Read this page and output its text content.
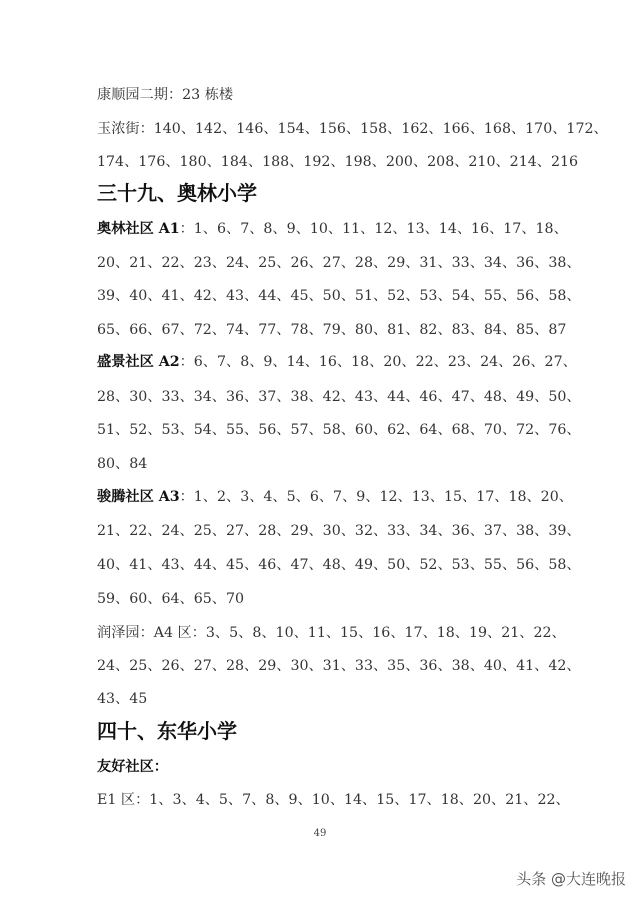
康顺园二期：23 栋楼
玉浓街：140、142、146、154、156、158、162、166、168、170、172、
174、176、180、184、188、192、198、200、208、210、214、216
三十九、奥林小学
奥林社区 A1：1、6、7、8、9、10、11、12、13、14、16、17、18、
20、21、22、23、24、25、26、27、28、29、31、33、34、36、38、
39、40、41、42、43、44、45、50、51、52、53、54、55、56、58、
65、66、67、72、74、77、78、79、80、81、82、83、84、85、87
盛景社区 A2：6、7、8、9、14、16、18、20、22、23、24、26、27、
28、30、33、34、36、37、38、42、43、44、46、47、48、49、50、
51、52、53、54、55、56、57、58、60、62、64、68、70、72、76、
80、84
骏腾社区 A3：1、2、3、4、5、6、7、9、12、13、15、17、18、20、
21、22、24、25、27、28、29、30、32、33、34、36、37、38、39、
40、41、43、44、45、46、47、48、49、50、52、53、55、56、58、
59、60、64、65、70
润泽园：A4 区：3、5、8、10、11、15、16、17、18、19、21、22、
24、25、26、27、28、29、30、31、33、35、36、38、40、41、42、
43、45
四十、东华小学
友好社区：
E1 区：1、3、4、5、7、8、9、10、14、15、17、18、20、21、22、
49
头条 @大连晚报
